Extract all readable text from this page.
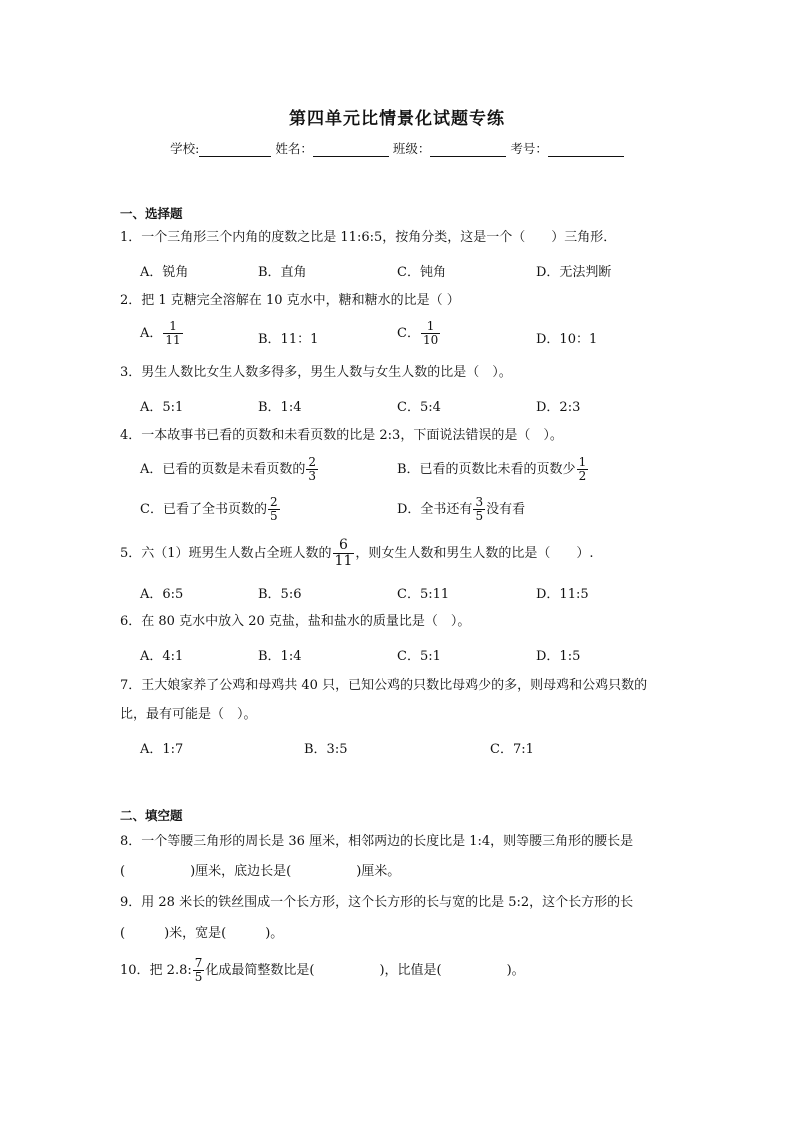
第四单元比情景化试题专练
学校:	姓名：	班级：	考号：
一、选择题
1．一个三角形三个内角的度数之比是 11:6:5，按角分类，这是一个（　　）三角形．
A．锐角	B．直角	C．钝角	D．无法判断
2．把 1 克糖完全溶解在 10 克水中，糖和糖水的比是（ ）
A． $\frac{1}{11}$	B．11：1	C． $\frac{1}{10}$	D．10：1
3．男生人数比女生人数多得多，男生人数与女生人数的比是（　）。
A．5:1	B．1:4	C．5:4	D．2:3
4．一本故事书已看的页数和未看页数的比是 2:3，下面说法错误的是（　）。
A．已看的页数是未看页数的 $\frac{2}{3}$	B．已看的页数比未看的页数少 $\frac{1}{2}$
C．已看了全书页数的 $\frac{2}{5}$	D．全书还有 $\frac{3}{5}$ 没有看
5．六（1）班男生人数占全班人数的 $\frac{6}{11}$ ，则女生人数和男生人数的比是（　　）.
A．6:5	B．5:6	C．5:11	D．11:5
6．在 80 克水中放入 20 克盐，盐和盐水的质量比是（　）。
A．4:1	B．1:4	C．5:1	D．1:5
7．王大娘家养了公鸡和母鸡共 40 只，已知公鸡的只数比母鸡少的多，则母鸡和公鸡只数的
比，最有可能是（　）。
A．1:7	B．3:5	C．7:1
二、填空题
8．一个等腰三角形的周长是 36 厘米，相邻两边的长度比是 1:4，则等腰三角形的腰长是
(　　　　　)厘米，底边长是(　　　　　)厘米。
9．用 28 米长的铁丝围成一个长方形，这个长方形的长与宽的比是 5:2，这个长方形的长
(　　　)米，宽是(　　　)。
10．把 2.8: $\frac{7}{5}$ 化成最简整数比是(　　　　　)，比值是(　　　　　)。
